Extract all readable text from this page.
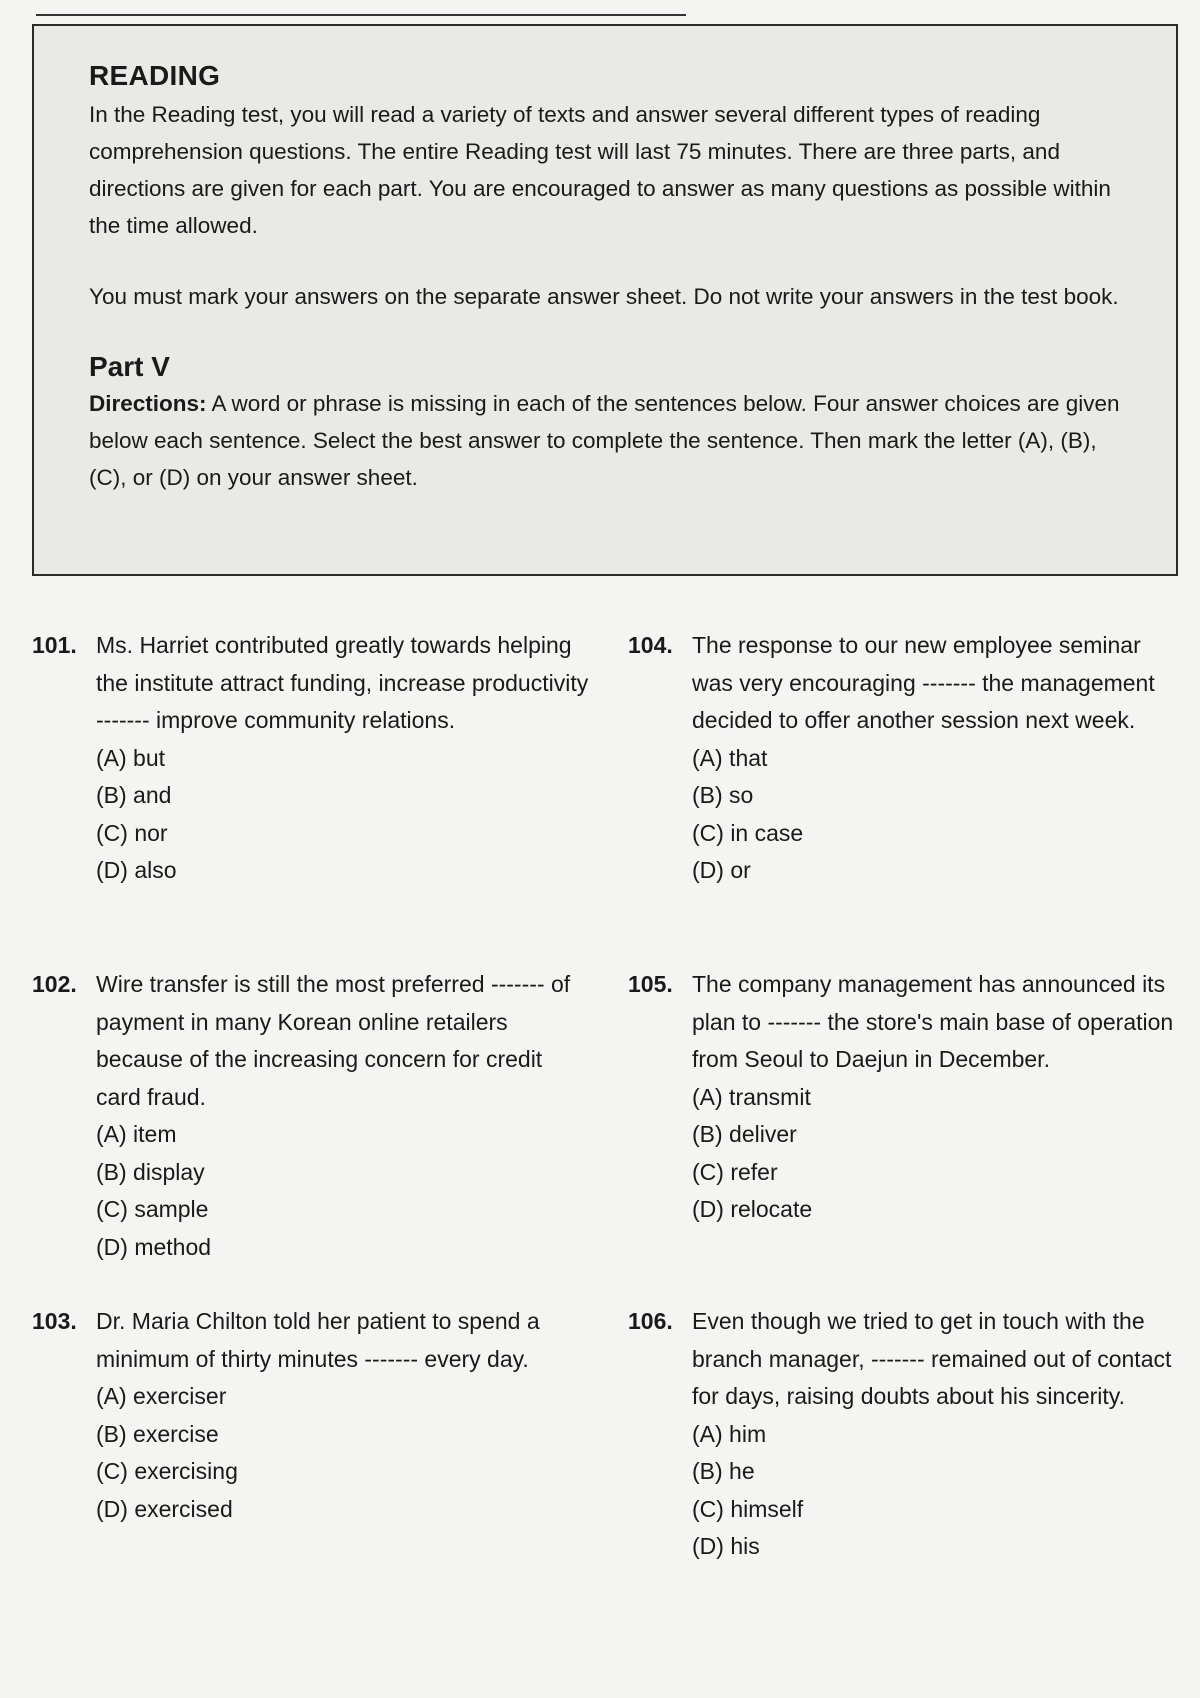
READING

In the Reading test, you will read a variety of texts and answer several different types of reading comprehension questions. The entire Reading test will last 75 minutes. There are three parts, and directions are given for each part. You are encouraged to answer as many questions as possible within the time allowed.

You must mark your answers on the separate answer sheet. Do not write your answers in the test book.

Part V

Directions: A word or phrase is missing in each of the sentences below. Four answer choices are given below each sentence. Select the best answer to complete the sentence. Then mark the letter (A), (B), (C), or (D) on your answer sheet.

101. Ms. Harriet contributed greatly towards helping the institute attract funding, increase productivity ------- improve community relations.

(A) but
(B) and
(C) nor
(D) also
102. Wire transfer is still the most preferred ------- of payment in many Korean online retailers because of the increasing concern for credit card fraud.

(A) item
(B) display
(C) sample
(D) method
103. Dr. Maria Chilton told her patient to spend a minimum of thirty minutes ------- every day.

(A) exerciser
(B) exercise
(C) exercising
(D) exercised
104. The response to our new employee seminar was very encouraging ------- the management decided to offer another session next week.

(A) that
(B) so
(C) in case
(D) or
105. The company management has announced its plan to ------- the store's main base of operation from Seoul to Daejun in December.

(A) transmit
(B) deliver
(C) refer
(D) relocate
106. Even though we tried to get in touch with the branch manager, ------- remained out of contact for days, raising doubts about his sincerity.

(A) him
(B) he
(C) himself
(D) his
